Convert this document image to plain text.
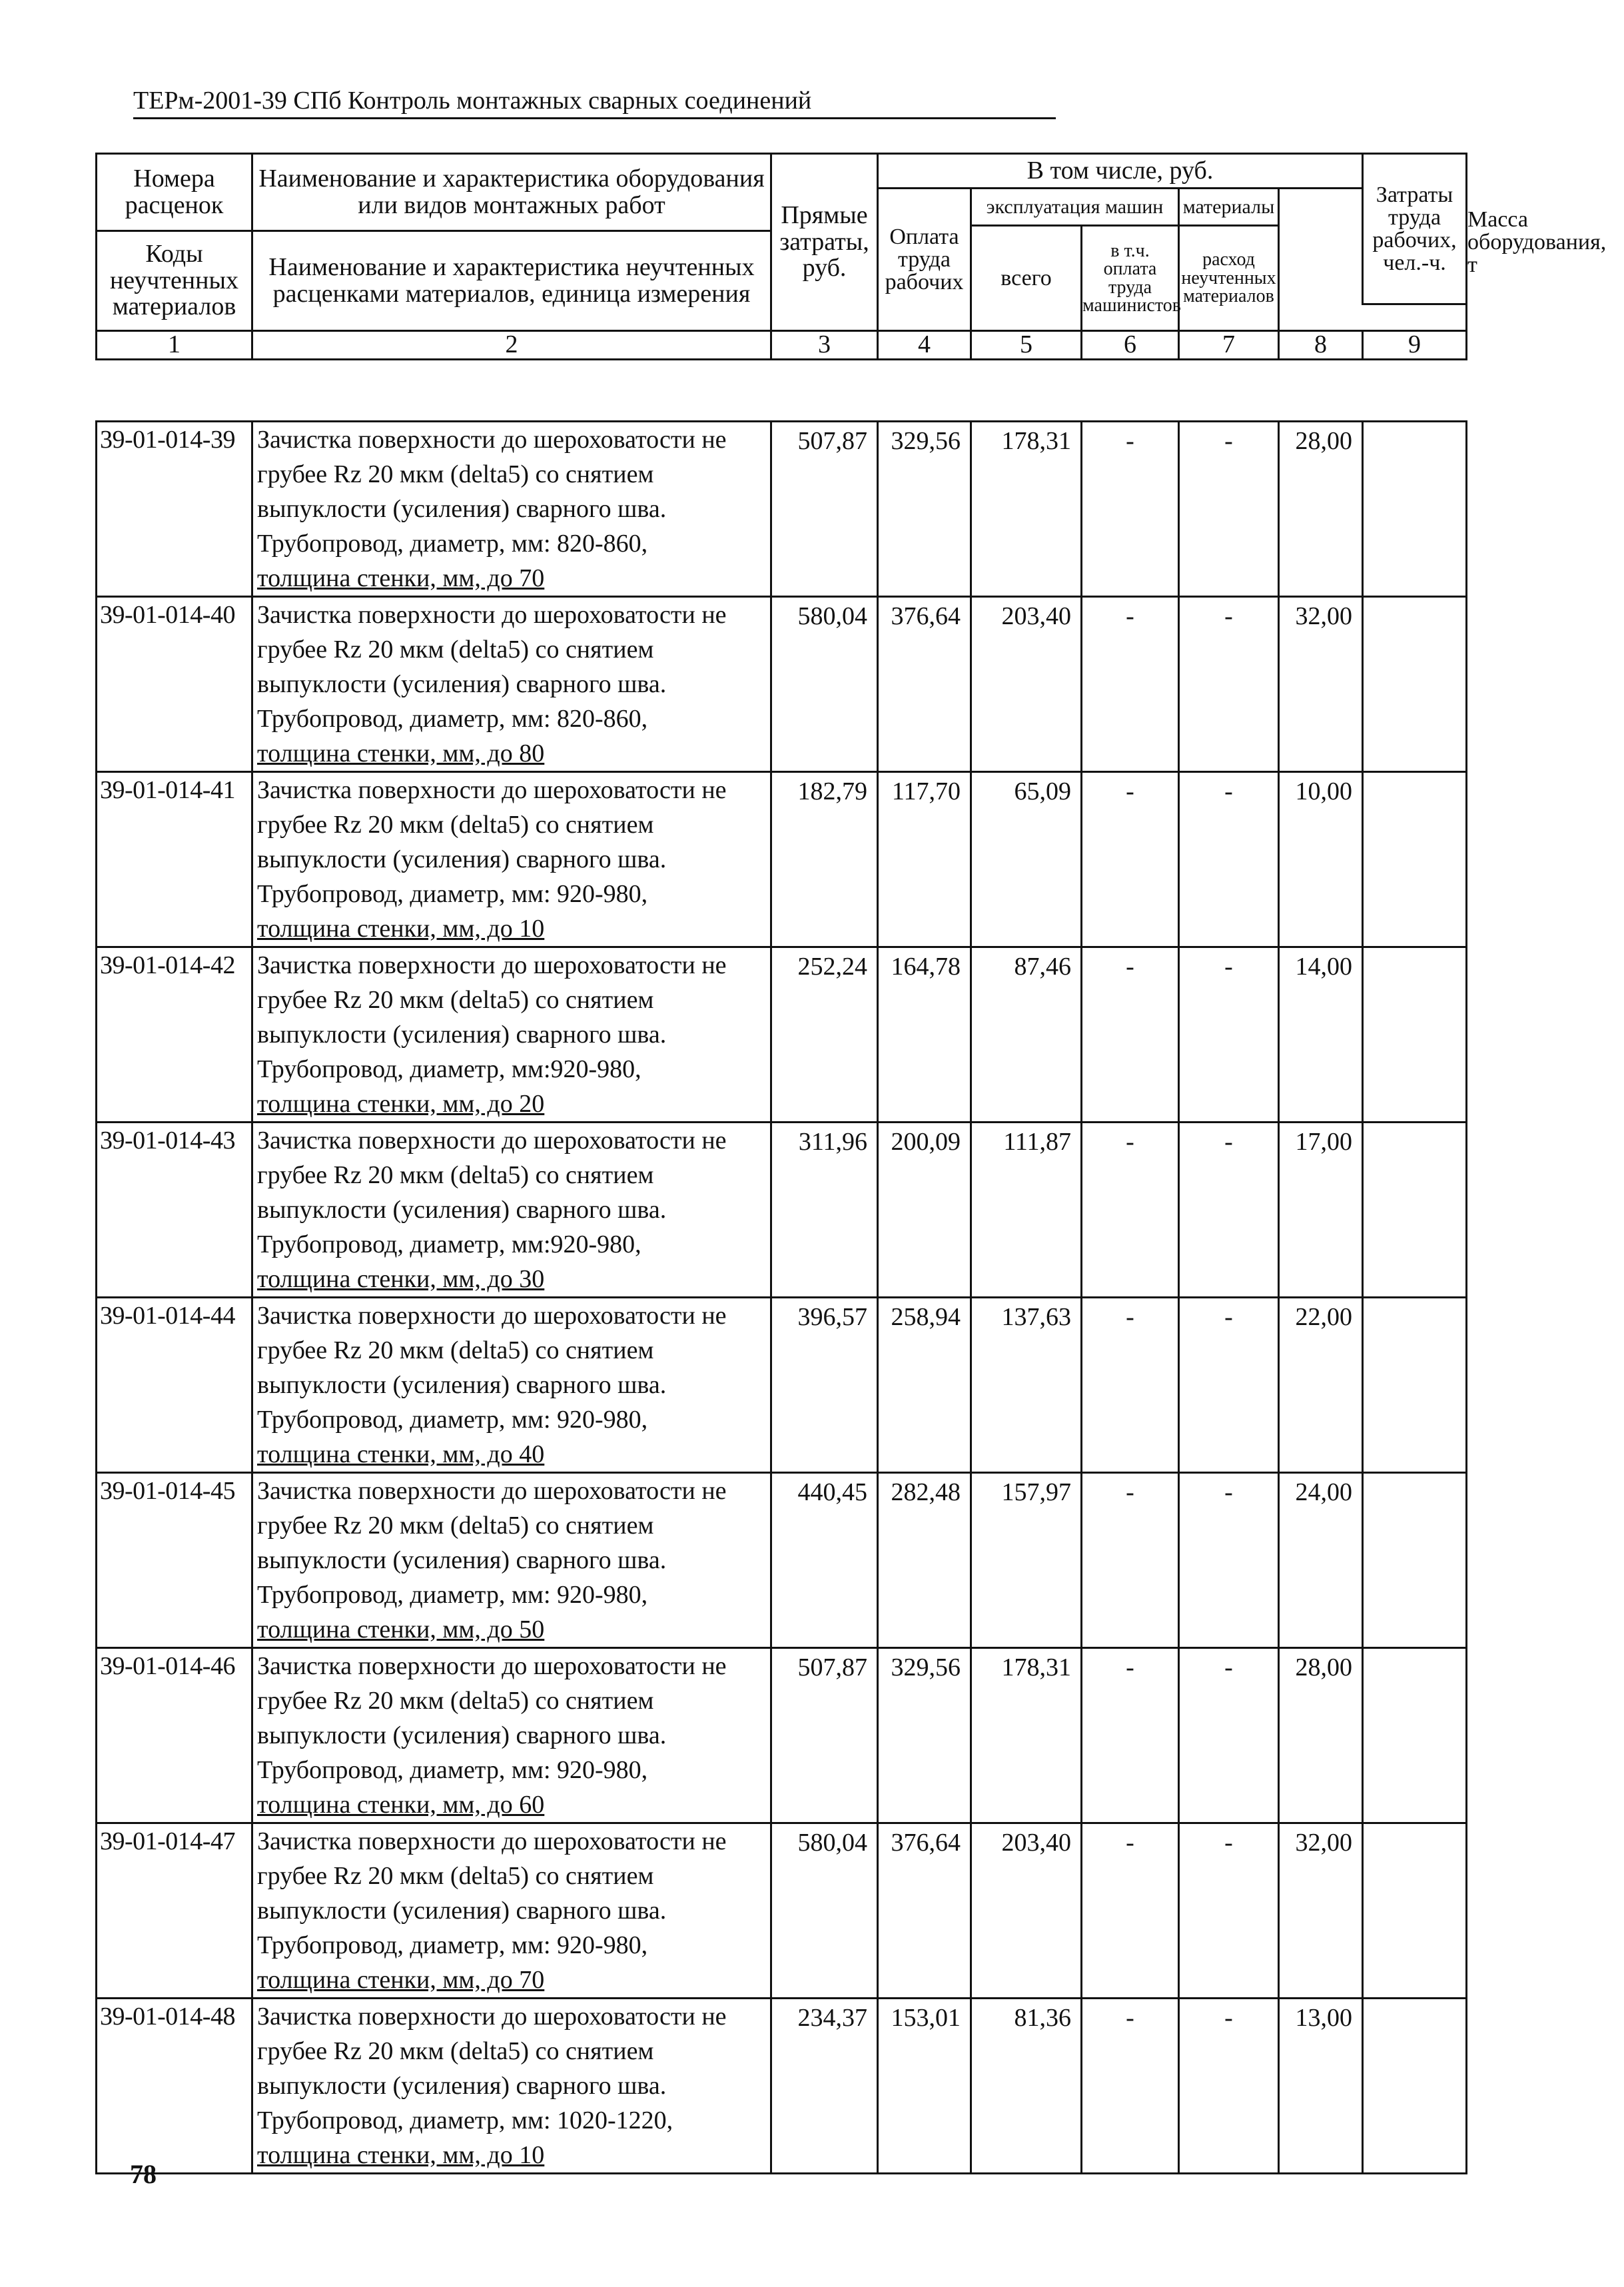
ТЕРм-2001-39 СПб Контроль монтажных сварных соединений
Номера расценок	Наименование и характеристика оборудования или видов монтажных работ	Прямые затраты, руб.	В том числе, руб.					Затраты труда рабочих, чел.-ч.	Масса оборудования, т
			Оплата труда рабочих	эксплуатация машин		материалы			
				всего	в т.ч. оплата труда машинистов	расход неучтенных материалов			
Коды неучтенных материалов	Наименование и характеристика неучтенных расценками материалов, единица измерения								

1	2	3	4	5	6	7	8	9	
39-01-014-39	Зачистка поверхности до шероховатости не
грубее Rz 20 мкм (delta5) со снятием
выпуклости (усиления) сварного шва.
Трубопровод, диаметр, мм: 820-860,
толщина стенки, мм, до 70	507,87	329,56	178,31	-	-	28,00	
39-01-014-40	Зачистка поверхности до шероховатости не
грубее Rz 20 мкм (delta5) со снятием
выпуклости (усиления) сварного шва.
Трубопровод, диаметр, мм: 820-860,
толщина стенки, мм, до 80	580,04	376,64	203,40	-	-	32,00	
39-01-014-41	Зачистка поверхности до шероховатости не
грубее Rz 20 мкм (delta5) со снятием
выпуклости (усиления) сварного шва.
Трубопровод, диаметр, мм: 920-980,
толщина стенки, мм, до 10	182,79	117,70	65,09	-	-	10,00	
39-01-014-42	Зачистка поверхности до шероховатости не
грубее Rz 20 мкм (delta5) со снятием
выпуклости (усиления) сварного шва.
Трубопровод, диаметр, мм:920-980,
толщина стенки, мм, до 20	252,24	164,78	87,46	-	-	14,00	
39-01-014-43	Зачистка поверхности до шероховатости не
грубее Rz 20 мкм (delta5) со снятием
выпуклости (усиления) сварного шва.
Трубопровод, диаметр, мм:920-980,
толщина стенки, мм, до 30	311,96	200,09	111,87	-	-	17,00	
39-01-014-44	Зачистка поверхности до шероховатости не
грубее Rz 20 мкм (delta5) со снятием
выпуклости (усиления) сварного шва.
Трубопровод, диаметр, мм: 920-980,
толщина стенки, мм, до 40	396,57	258,94	137,63	-	-	22,00	
39-01-014-45	Зачистка поверхности до шероховатости не
грубее Rz 20 мкм (delta5) со снятием
выпуклости (усиления) сварного шва.
Трубопровод, диаметр, мм: 920-980,
толщина стенки, мм, до 50	440,45	282,48	157,97	-	-	24,00	
39-01-014-46	Зачистка поверхности до шероховатости не
грубее Rz 20 мкм (delta5) со снятием
выпуклости (усиления) сварного шва.
Трубопровод, диаметр, мм: 920-980,
толщина стенки, мм, до 60	507,87	329,56	178,31	-	-	28,00	
39-01-014-47	Зачистка поверхности до шероховатости не
грубее Rz 20 мкм (delta5) со снятием
выпуклости (усиления) сварного шва.
Трубопровод, диаметр, мм: 920-980,
толщина стенки, мм, до 70	580,04	376,64	203,40	-	-	32,00	
39-01-014-48	Зачистка поверхности до шероховатости не
грубее Rz 20 мкм (delta5) со снятием
выпуклости (усиления) сварного шва.
Трубопровод, диаметр, мм: 1020-1220,
толщина стенки, мм, до 10	234,37	153,01	81,36	-	-	13,00	
78
